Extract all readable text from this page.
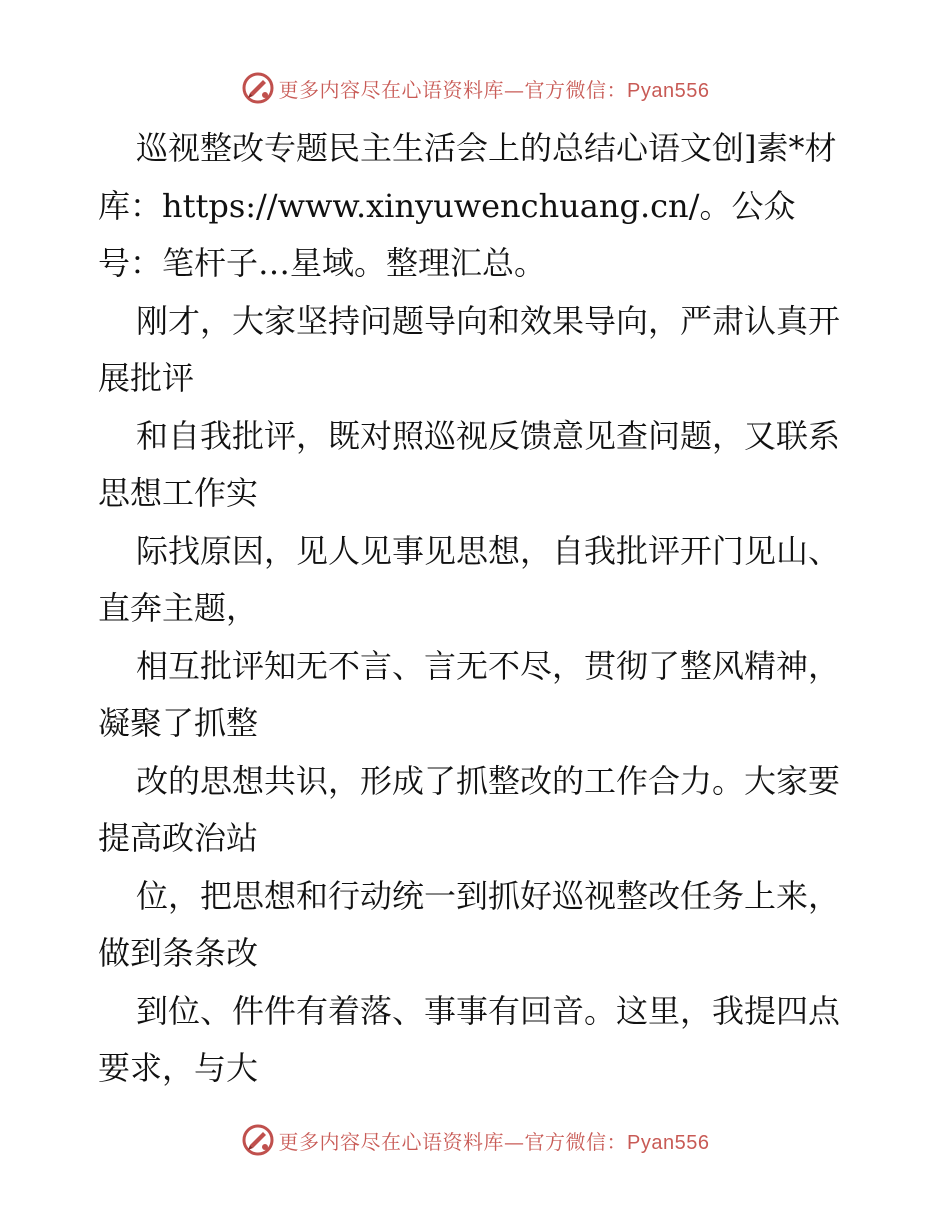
更多内容尽在心语资料库—官方微信：Pyan556

巡视整改专题民主生活会上的总结心语文创]素*材库：https://www.xinyuwenchuang.cn/。公众号：笔杆子…星域。整理汇总。

刚才，大家坚持问题导向和效果导向，严肃认真开展批评

和自我批评，既对照巡视反馈意见查问题，又联系思想工作实

际找原因，见人见事见思想，自我批评开门见山、直奔主题，

相互批评知无不言、言无不尽，贯彻了整风精神，凝聚了抓整

改的思想共识，形成了抓整改的工作合力。大家要提高政治站

位，把思想和行动统一到抓好巡视整改任务上来，做到条条改

到位、件件有着落、事事有回音。这里，我提四点要求，与大

更多内容尽在心语资料库—官方微信：Pyan556
